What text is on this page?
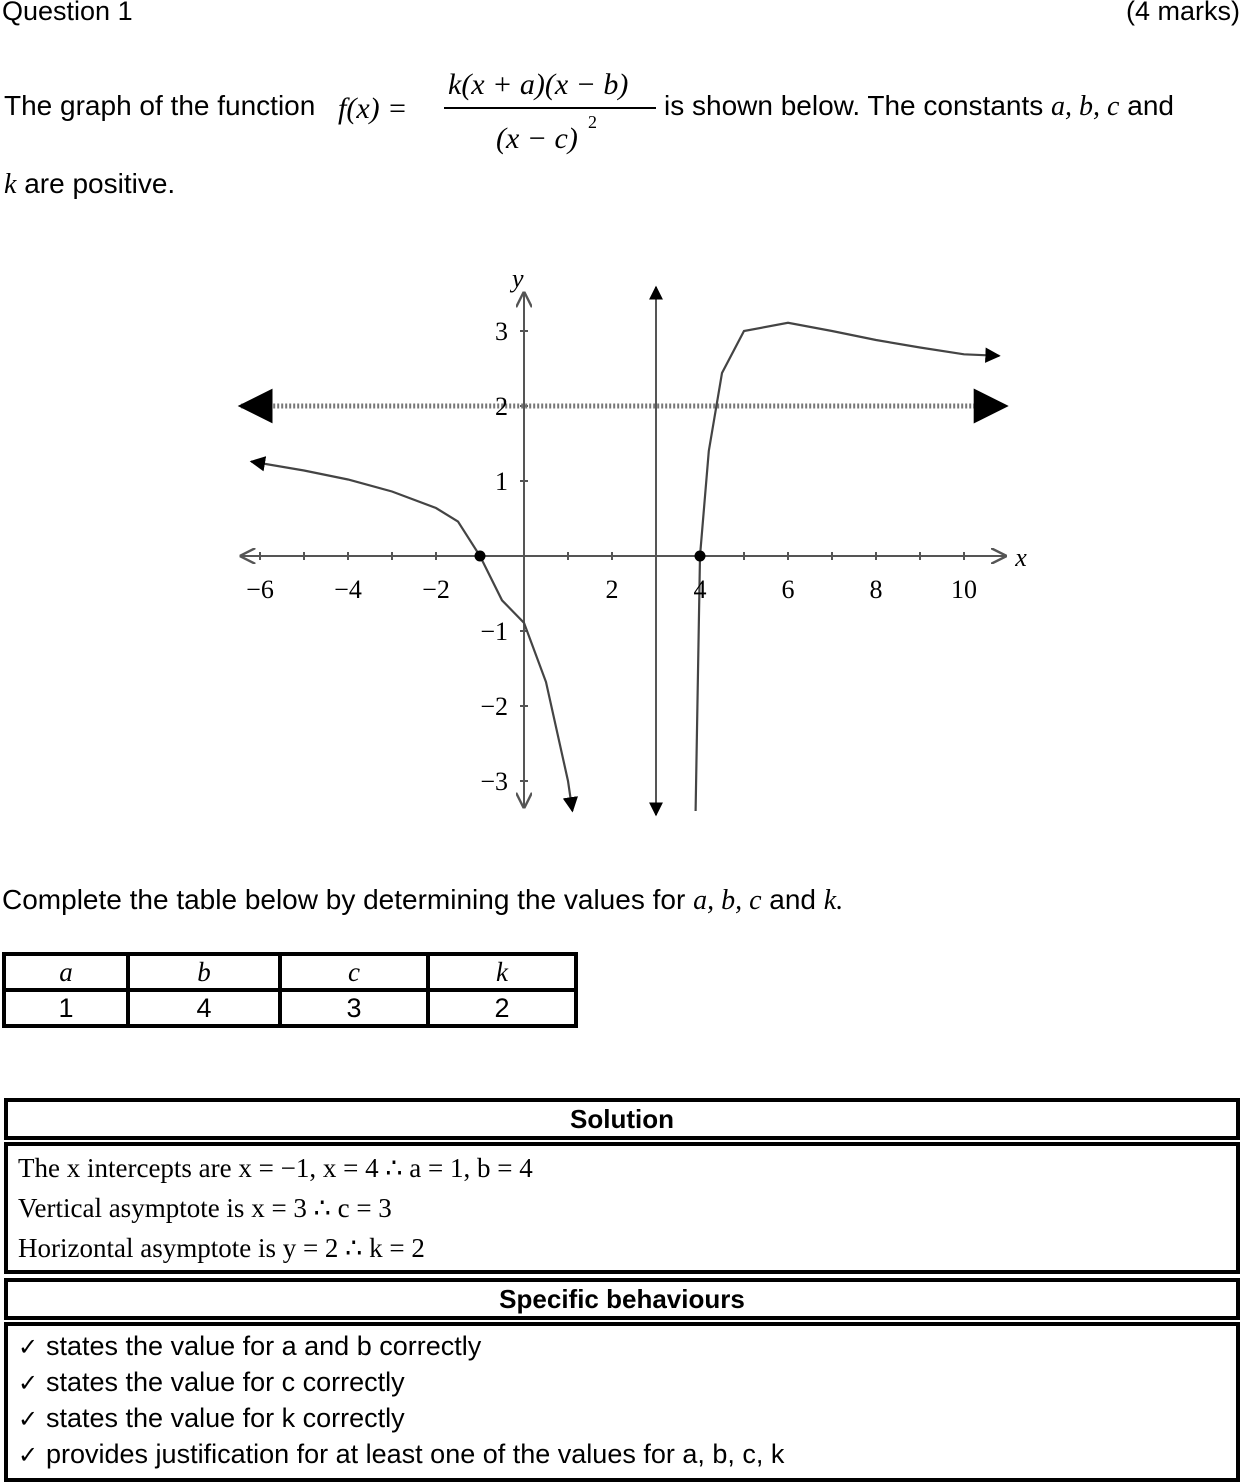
Question 1	(4 marks)
The graph of the function f(x) =
k(x + a)(x − b)
(x − c) 2
is shown below. The constants a, b, c and
k are positive.
x
y
−6 −4 −2	2	4	6	8	10
3
2
1
−1
−2
−3
Complete the table below by determining the values for a, b, c and k.
a	b	c	k
1	4	3	2
Solution
The x intercepts are x = −1, x = 4 ∴ a = 1, b = 4
Vertical asymptote is x = 3 ∴ c = 3
Horizontal asymptote is y = 2 ∴ k = 2
Specific behaviours
✓ states the value for a and b correctly
✓ states the value for c correctly
✓ states the value for k correctly
✓ provides justification for at least one of the values for a, b, c, k
